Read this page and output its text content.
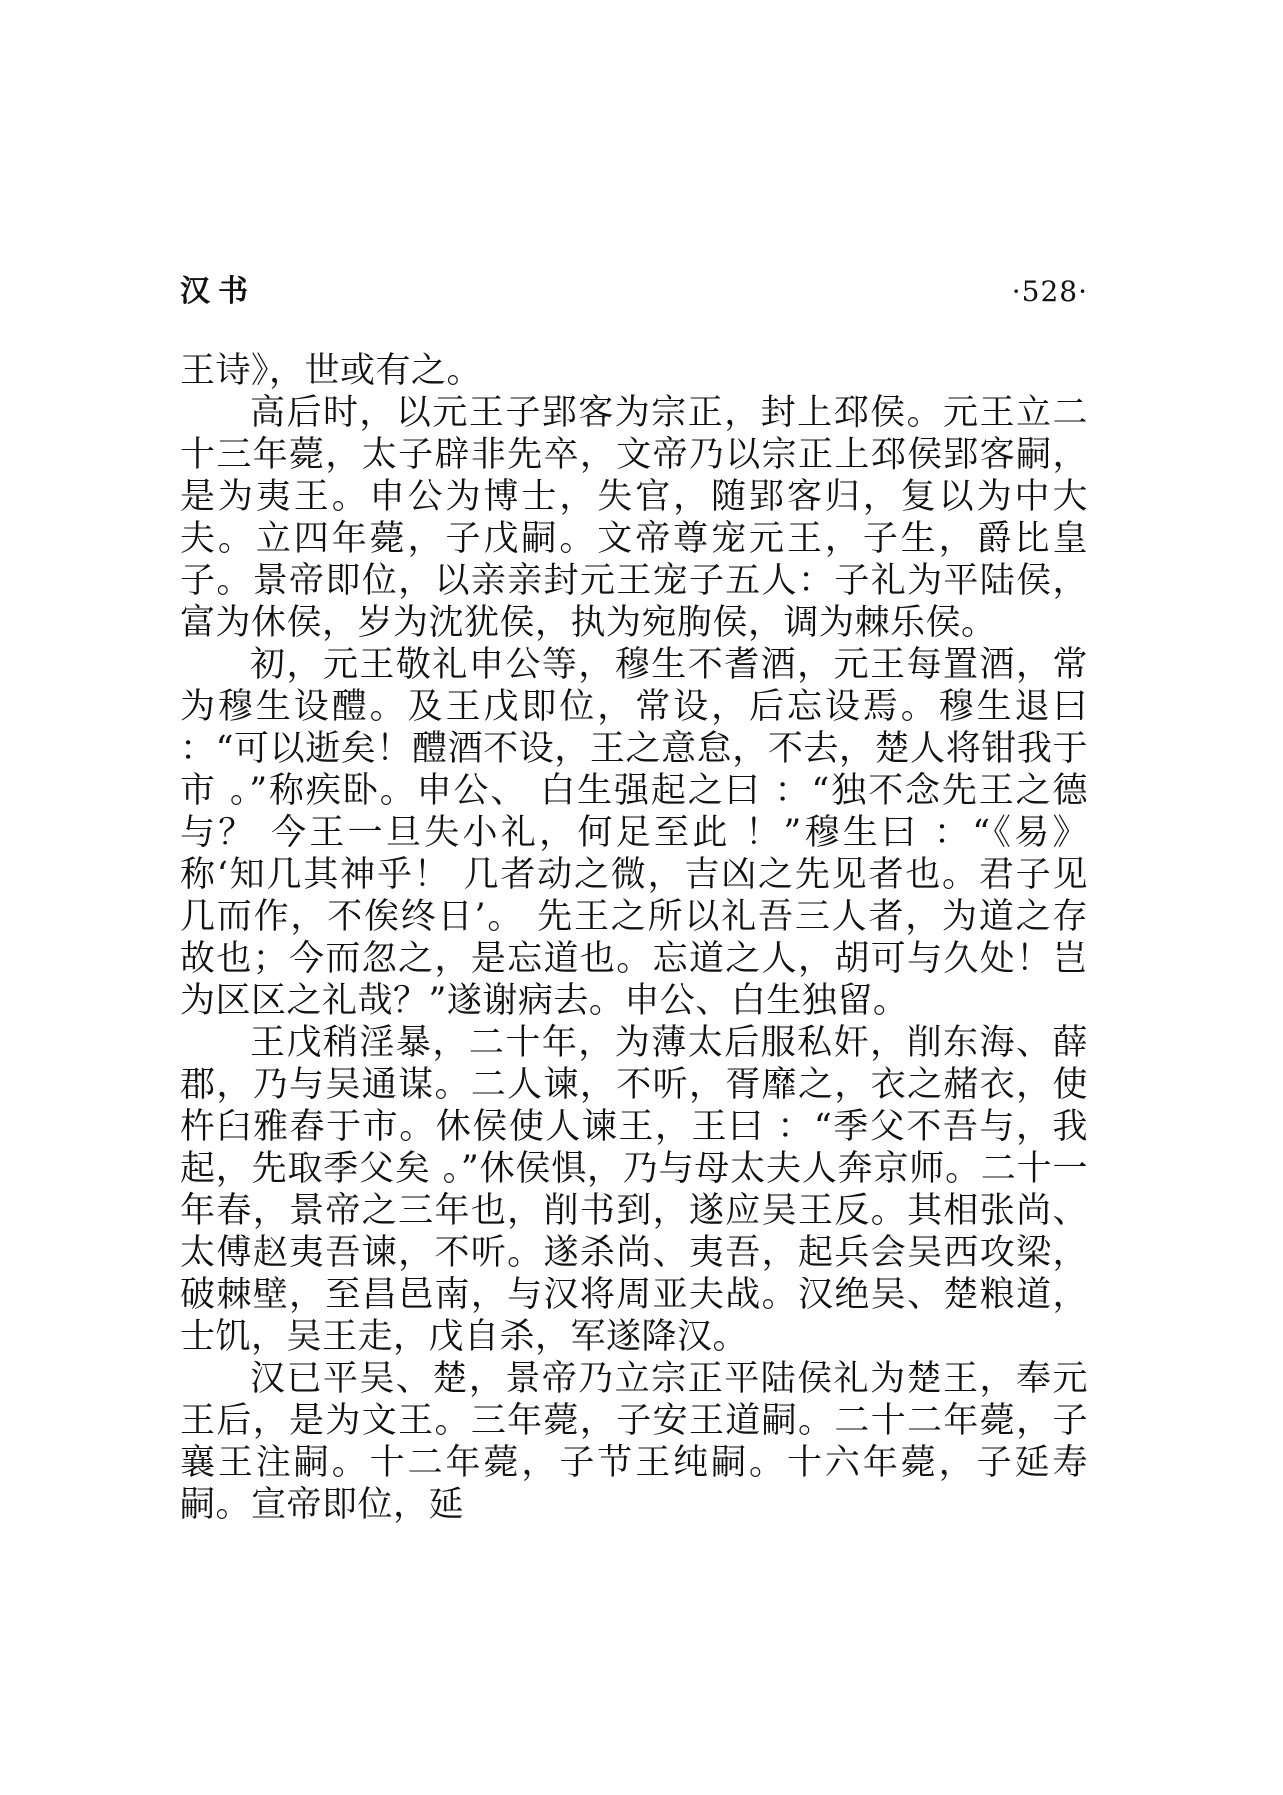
汉书	·528·

王诗》，世或有之。

高后时，以元王子郢客为宗正，封上邳侯。元王立二十三年薨，太子辟非先卒，文帝乃以宗正上邳侯郢客嗣，是为夷王。申公为博士，失官，随郢客归，复以为中大夫。立四年薨，子戊嗣。文帝尊宠元王，子生，爵比皇子。景帝即位，以亲亲封元王宠子五人：子礼为平陆侯，富为休侯，岁为沈犹侯，执为宛朐侯，调为棘乐侯。

初，元王敬礼申公等，穆生不耆酒，元王每置酒，常为穆生设醴。及王戊即位，常设，后忘设焉。穆生退曰 ：“可以逝矣！醴酒不设，王之意怠，不去，楚人将钳我于市 。”称疾卧。申公、 白生强起之曰 ：“独不念先王之德与？ 今王一旦失小礼，何足至此 ！”穆生曰 ：“《易》称‘知几其神乎！ 几者动之微，吉凶之先见者也。君子见几而作，不俟终日’。 先王之所以礼吾三人者，为道之存故也；今而忽之，是忘道也。忘道之人，胡可与久处！岂为区区之礼哉？”遂谢病去。申公、白生独留。

王戊稍淫暴，二十年，为薄太后服私奸，削东海、薛郡，乃与吴通谋。二人谏，不听，胥靡之，衣之赭衣，使杵臼雅舂于市。休侯使人谏王，王曰 ：“季父不吾与，我起，先取季父矣 。”休侯惧，乃与母太夫人奔京师。二十一年春，景帝之三年也，削书到，遂应吴王反。其相张尚、太傅赵夷吾谏，不听。遂杀尚、夷吾，起兵会吴西攻梁，破棘壁，至昌邑南，与汉将周亚夫战。汉绝吴、楚粮道，士饥，吴王走，戊自杀，军遂降汉。

汉已平吴、楚，景帝乃立宗正平陆侯礼为楚王，奉元王后，是为文王。三年薨，子安王道嗣。二十二年薨，子襄王注嗣。十二年薨，子节王纯嗣。十六年薨，子延寿嗣。宣帝即位，延
